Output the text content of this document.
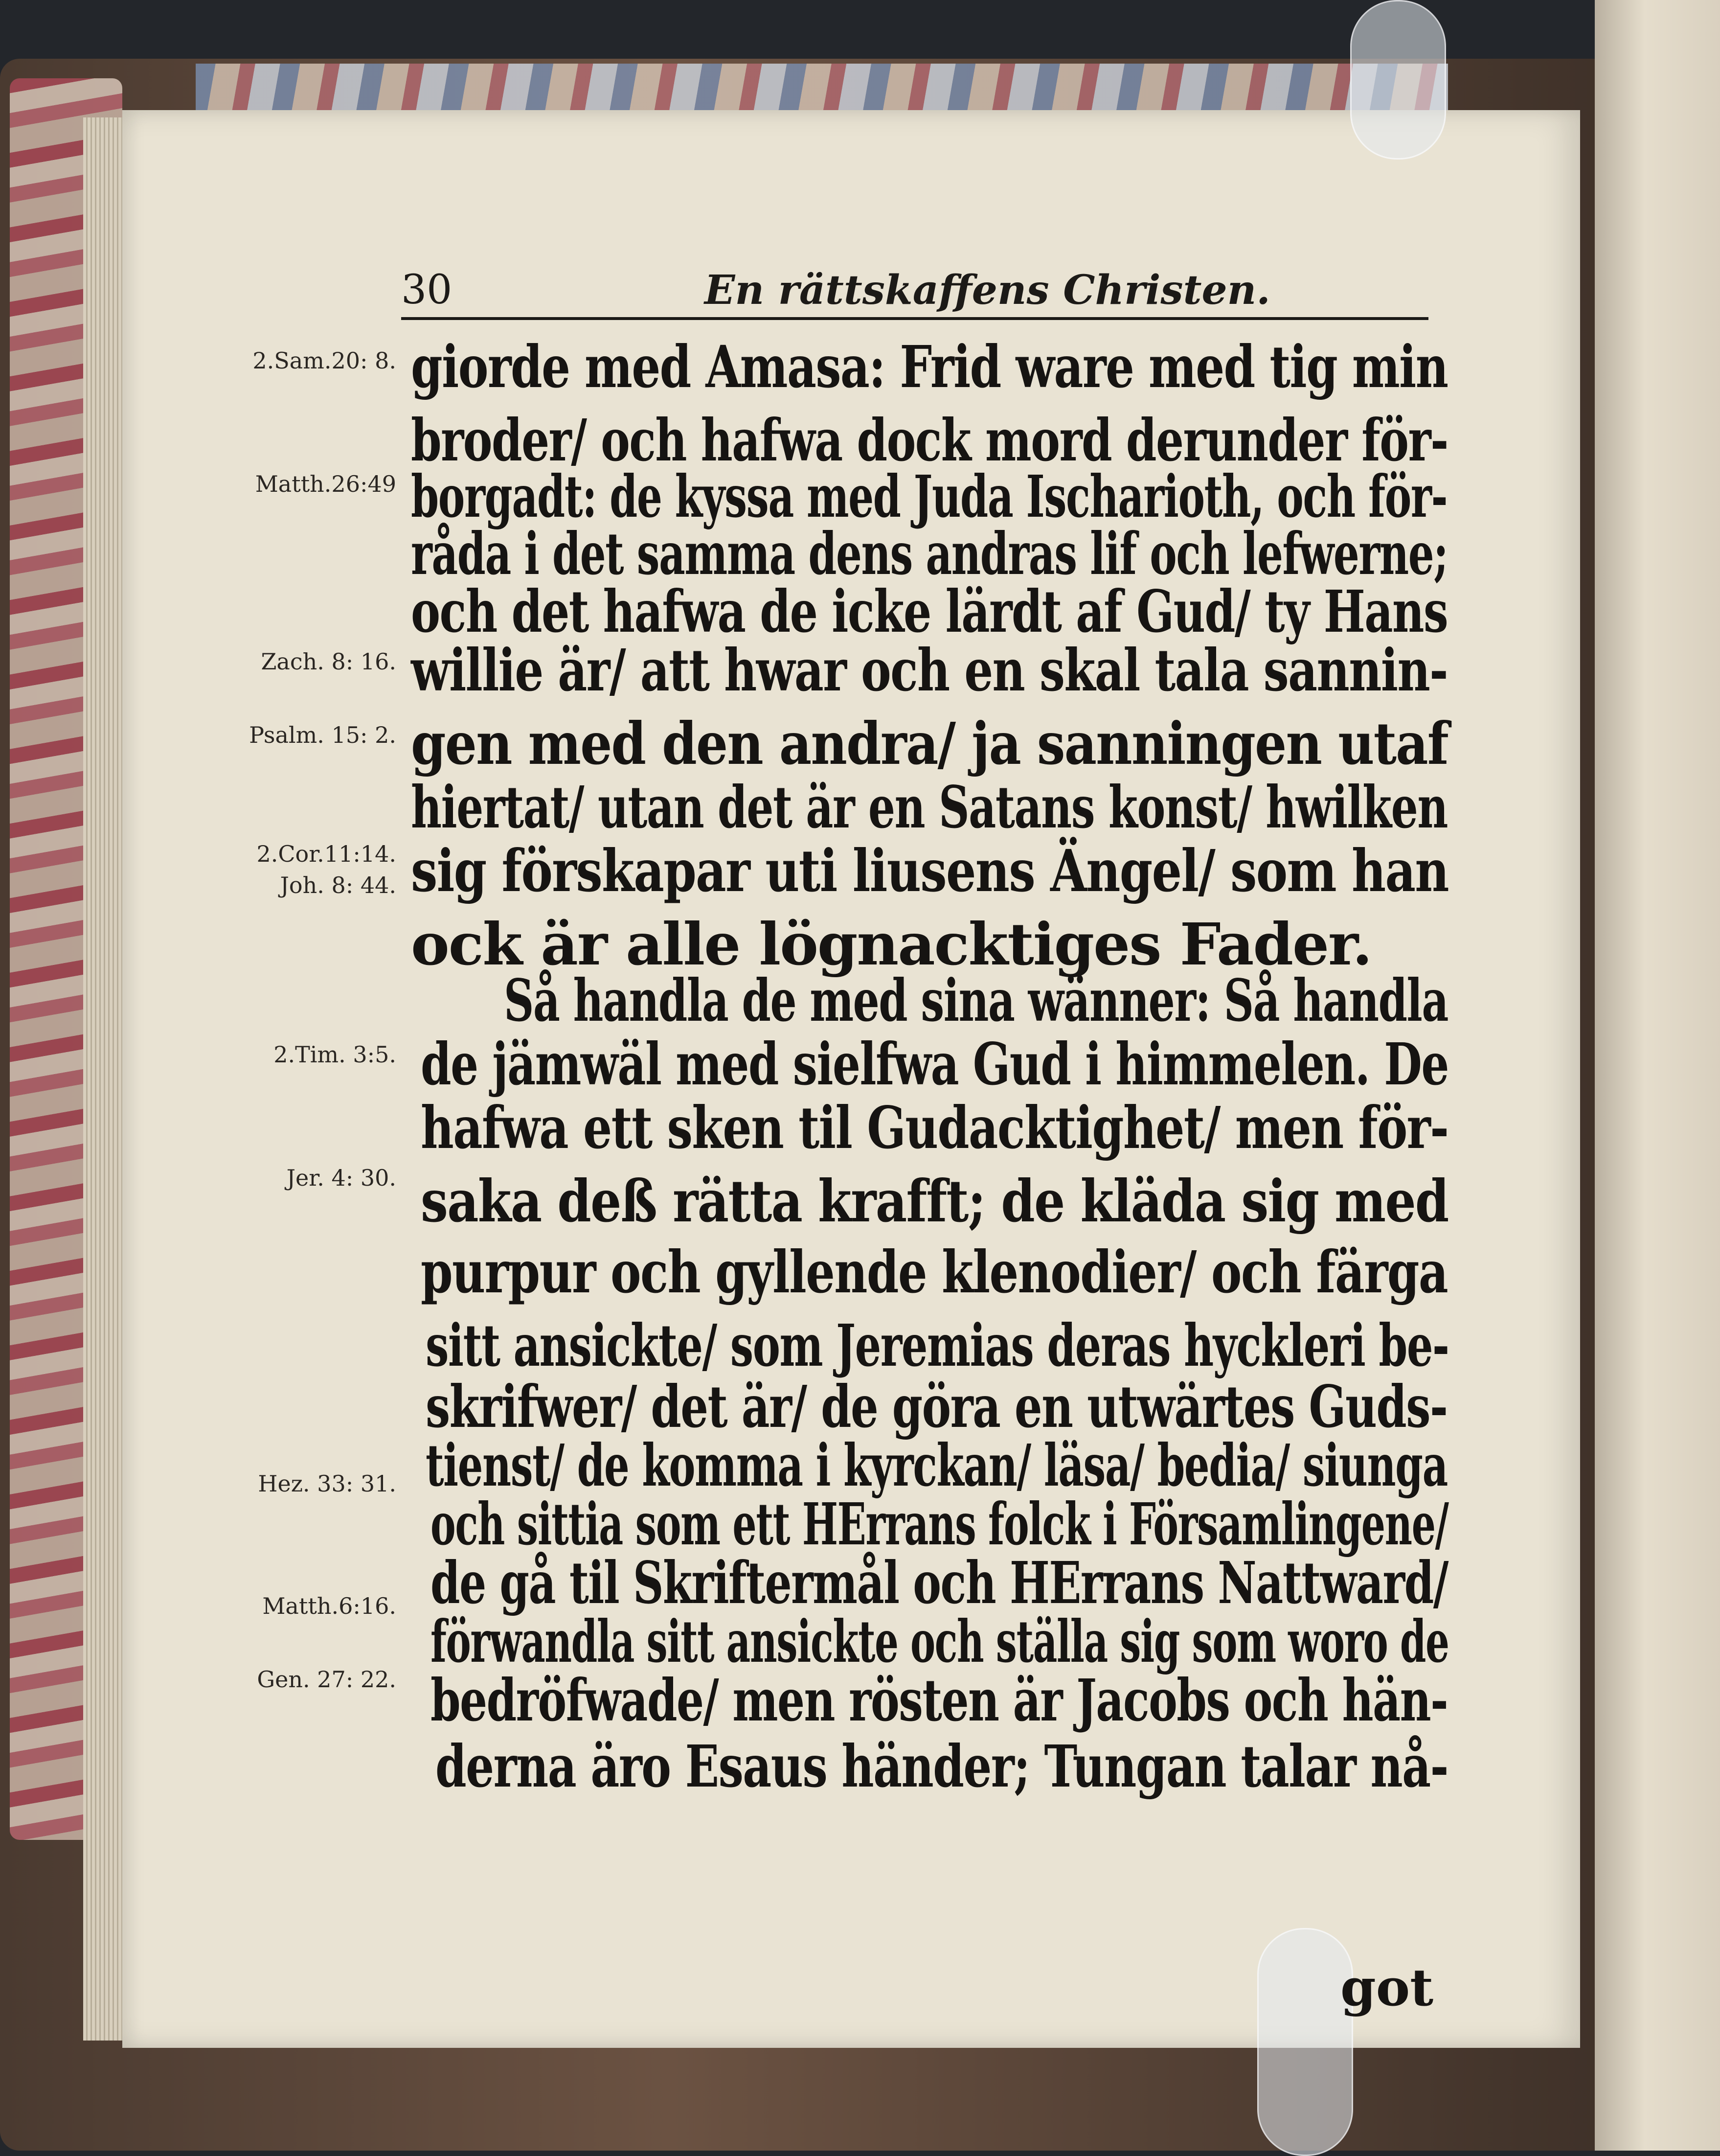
30	En rättskaffens Christen.
2.Sam.20: 8.
Matth.26:49
Zach. 8: 16.
Psalm. 15: 2.
2.Cor.11:14.
Joh. 8: 44.
2.Tim. 3:5.
Jer. 4: 30.
Hez. 33: 31.
Matth.6:16.
Gen. 27: 22.
giorde med Amasa: Frid ware med tig min
broder/ och hafwa dock mord derunder för-
borgadt: de kyssa med Juda Ischarioth, och för-
råda i det samma dens andras lif och lefwerne;
och det hafwa de icke lärdt af Gud/ ty Hans
willie är/ att hwar och en skal tala sannin-
gen med den andra/ ja sanningen utaf
hiertat/ utan det är en Satans konst/ hwilken
sig förskapar uti liusens Ängel/ som han
ock är alle lögnacktiges Fader.
Så handla de med sina wänner: Så handla
de jämwäl med sielfwa Gud i himmelen. De
hafwa ett sken til Gudacktighet/ men för-
saka deß rätta krafft; de kläda sig med
purpur och gyllende klenodier/ och färga
sitt ansickte/ som Jeremias deras hyckleri be-
skrifwer/ det är/ de göra en utwärtes Guds-
tienst/ de komma i kyrckan/ läsa/ bedia/ siunga
och sittia som ett HErrans folck i Församlingene/
de gå til Skriftermål och HErrans Nattward/
förwandla sitt ansickte och ställa sig som woro de
bedröfwade/ men rösten är Jacobs och hän-
derna äro Esaus händer; Tungan talar nå-
got
